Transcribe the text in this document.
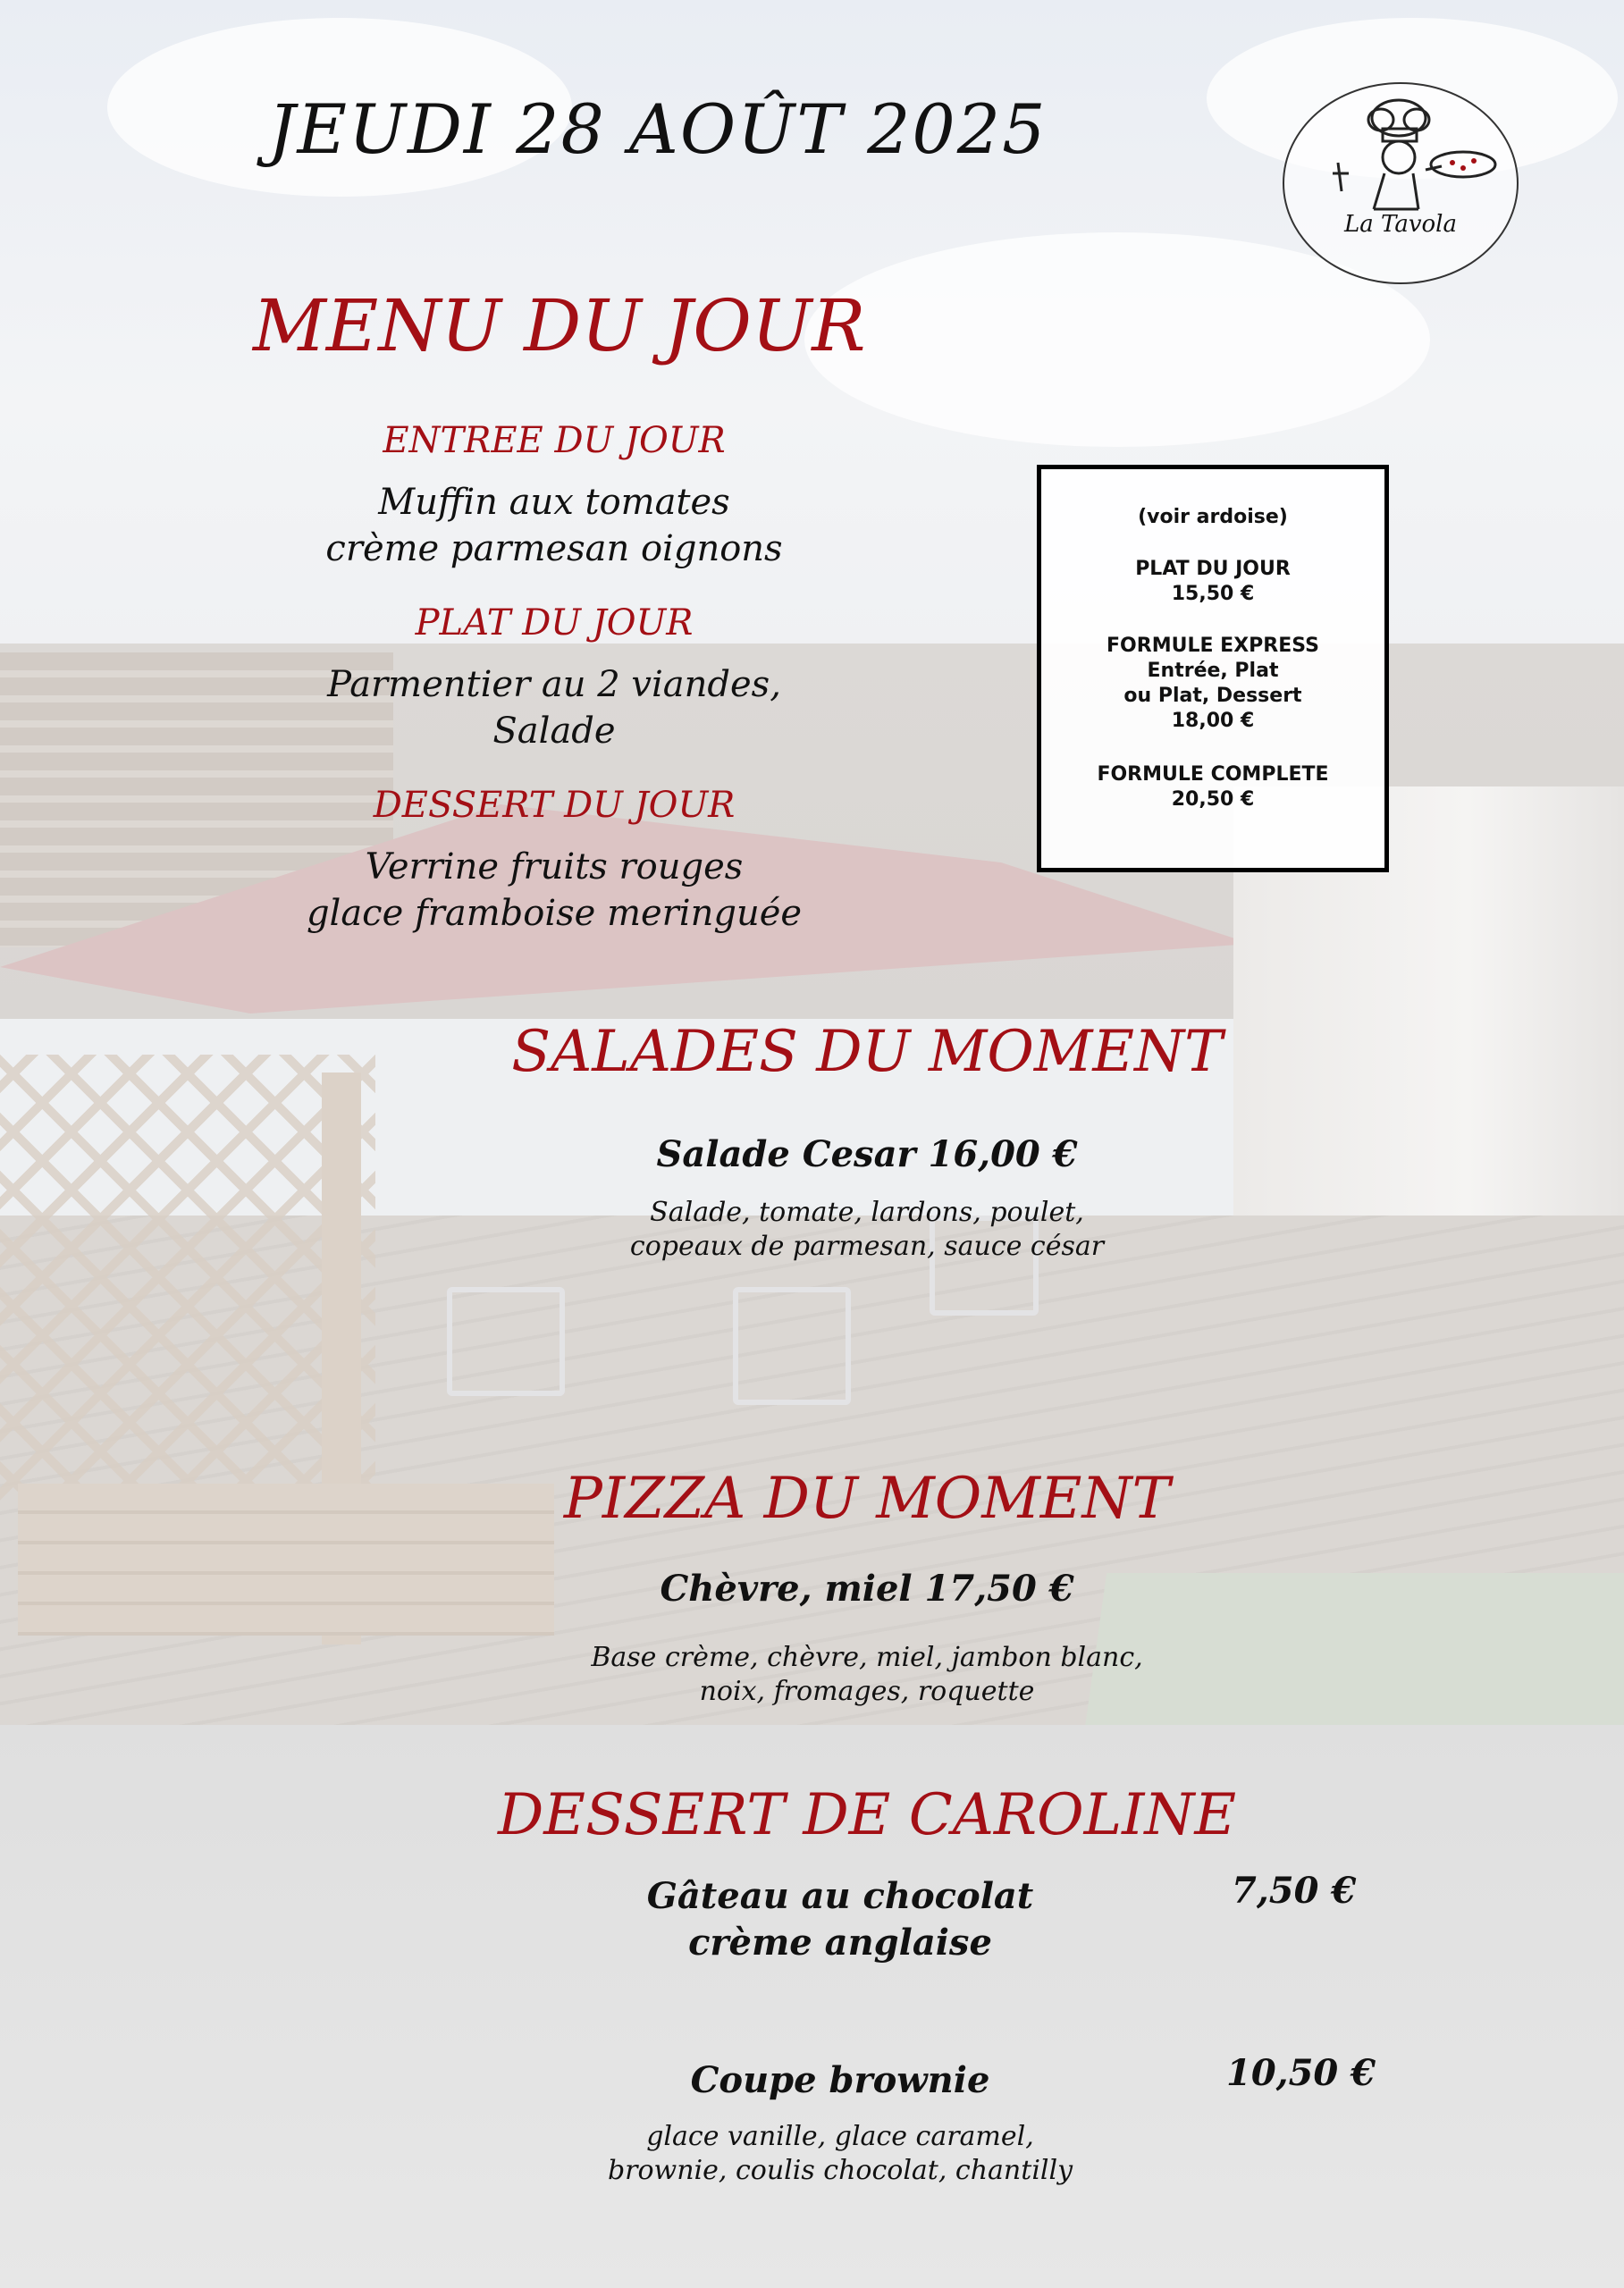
JEUDI 28 AOÛT 2025
La Tavola
MENU DU JOUR
ENTREE DU JOUR
Muffin aux tomates
crème parmesan oignons
PLAT DU JOUR
Parmentier au 2 viandes,
Salade
DESSERT DU JOUR
Verrine fruits rouges
glace framboise meringuée
(voir ardoise)
PLAT DU JOUR
15,50 €
FORMULE EXPRESS
Entrée, Plat
ou Plat, Dessert
18,00 €
FORMULE COMPLETE
20,50 €
SALADES DU MOMENT
Salade Cesar 16,00 €
Salade, tomate, lardons, poulet,
copeaux de parmesan, sauce césar
PIZZA DU MOMENT
Chèvre, miel 17,50 €
Base crème, chèvre, miel, jambon blanc,
noix, fromages, roquette
DESSERT DE CAROLINE
Gâteau au chocolat
crème anglaise
7,50 €
Coupe brownie	10,50 €
glace vanille, glace caramel,
brownie, coulis chocolat, chantilly
